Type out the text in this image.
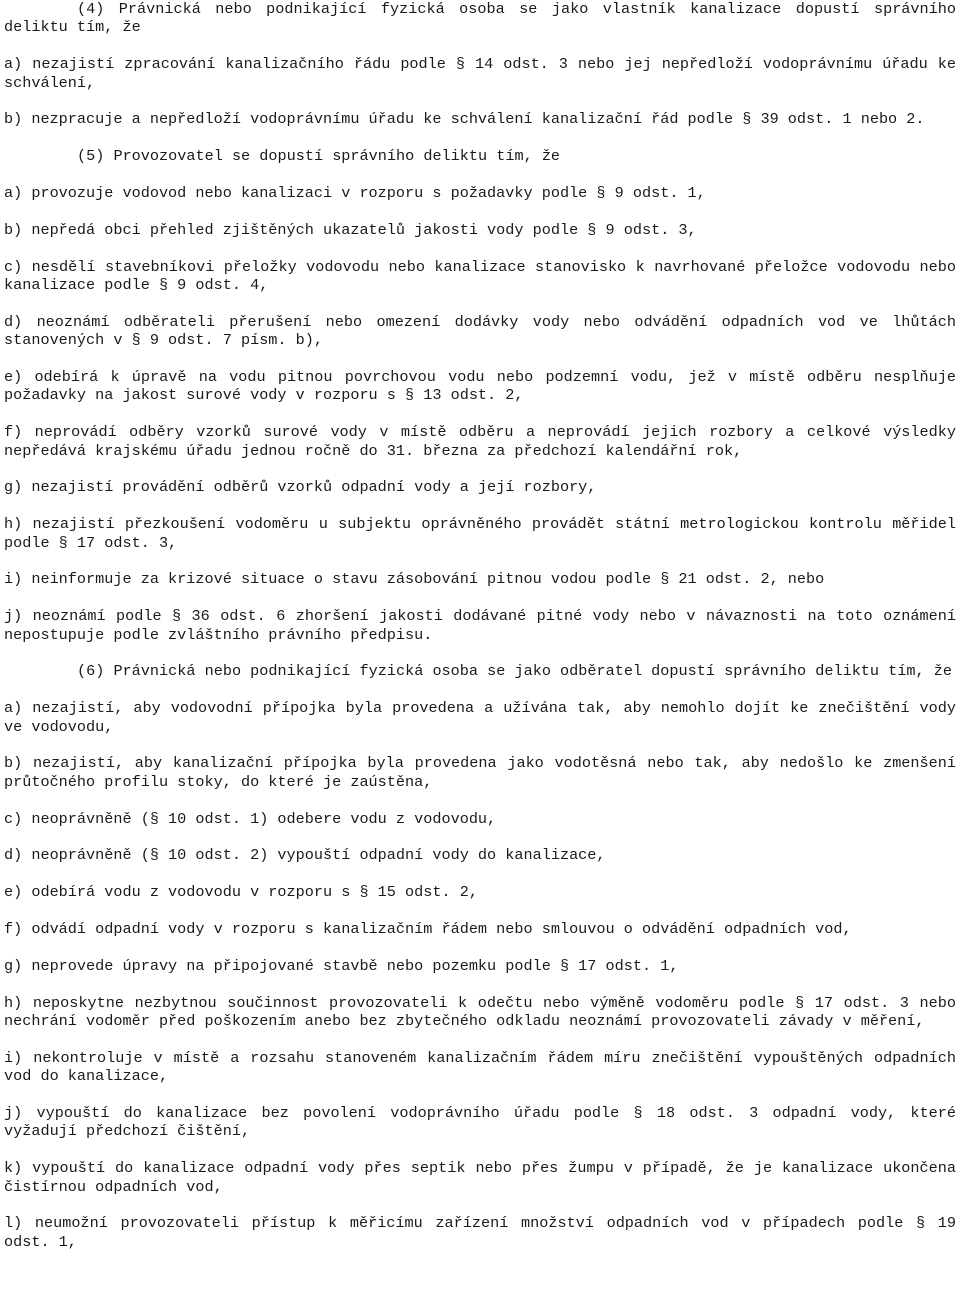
(4) Právnická nebo podnikající fyzická osoba se jako vlastník kanalizace dopustí správního deliktu tím, že

a) nezajistí zpracování kanalizačního řádu podle § 14 odst. 3 nebo jej nepředloží vodoprávnímu úřadu ke schválení,

b) nezpracuje a nepředloží vodoprávnímu úřadu ke schválení kanalizační řád podle § 39 odst. 1 nebo 2.

(5) Provozovatel se dopustí správního deliktu tím, že

a) provozuje vodovod nebo kanalizaci v rozporu s požadavky podle § 9 odst. 1,

b) nepředá obci přehled zjištěných ukazatelů jakosti vody podle § 9 odst. 3,

c) nesdělí stavebníkovi přeložky vodovodu nebo kanalizace stanovisko k navrhované přeložce vodovodu nebo kanalizace podle § 9 odst. 4,

d) neoznámí odběrateli přerušení nebo omezení dodávky vody nebo odvádění odpadních vod ve lhůtách stanovených v § 9 odst. 7 písm. b),

e) odebírá k úpravě na vodu pitnou povrchovou vodu nebo podzemní vodu, jež v místě odběru nesplňuje požadavky na jakost surové vody v rozporu s § 13 odst. 2,

f) neprovádí odběry vzorků surové vody v místě odběru a neprovádí jejich rozbory a celkové výsledky nepředává krajskému úřadu jednou ročně do 31. března za předchozí kalendářní rok,

g) nezajistí provádění odběrů vzorků odpadní vody a její rozbory,

h) nezajistí přezkoušení vodoměru u subjektu oprávněného provádět státní metrologickou kontrolu měřidel podle § 17 odst. 3,

i) neinformuje za krizové situace o stavu zásobování pitnou vodou podle § 21 odst. 2, nebo

j) neoznámí podle § 36 odst. 6 zhoršení jakosti dodávané pitné vody nebo v návaznosti na toto oznámení nepostupuje podle zvláštního právního předpisu.

(6) Právnická nebo podnikající fyzická osoba se jako odběratel dopustí správního deliktu tím, že

a) nezajistí, aby vodovodní přípojka byla provedena a užívána tak, aby nemohlo dojít ke znečištění vody ve vodovodu,

b) nezajistí, aby kanalizační přípojka byla provedena jako vodotěsná nebo tak, aby nedošlo ke zmenšení průtočného profilu stoky, do které je zaústěna,

c) neoprávněně (§ 10 odst. 1) odebere vodu z vodovodu,

d) neoprávněně (§ 10 odst. 2) vypouští odpadní vody do kanalizace,

e) odebírá vodu z vodovodu v rozporu s § 15 odst. 2,

f) odvádí odpadní vody v rozporu s kanalizačním řádem nebo smlouvou o odvádění odpadních vod,

g) neprovede úpravy na připojované stavbě nebo pozemku podle § 17 odst. 1,

h) neposkytne nezbytnou součinnost provozovateli k odečtu nebo výměně vodoměru podle § 17 odst. 3 nebo nechrání vodoměr před poškozením anebo bez zbytečného odkladu neoznámí provozovateli závady v měření,

i) nekontroluje v místě a rozsahu stanoveném kanalizačním řádem míru znečištění vypouštěných odpadních vod do kanalizace,

j) vypouští do kanalizace bez povolení vodoprávního úřadu podle § 18 odst. 3 odpadní vody, které vyžadují předchozí čištění,

k) vypouští do kanalizace odpadní vody přes septik nebo přes žumpu v případě, že je kanalizace ukončena čistírnou odpadních vod,

l) neumožní provozovateli přístup k měřicímu zařízení množství odpadních vod v případech podle § 19 odst. 1,
